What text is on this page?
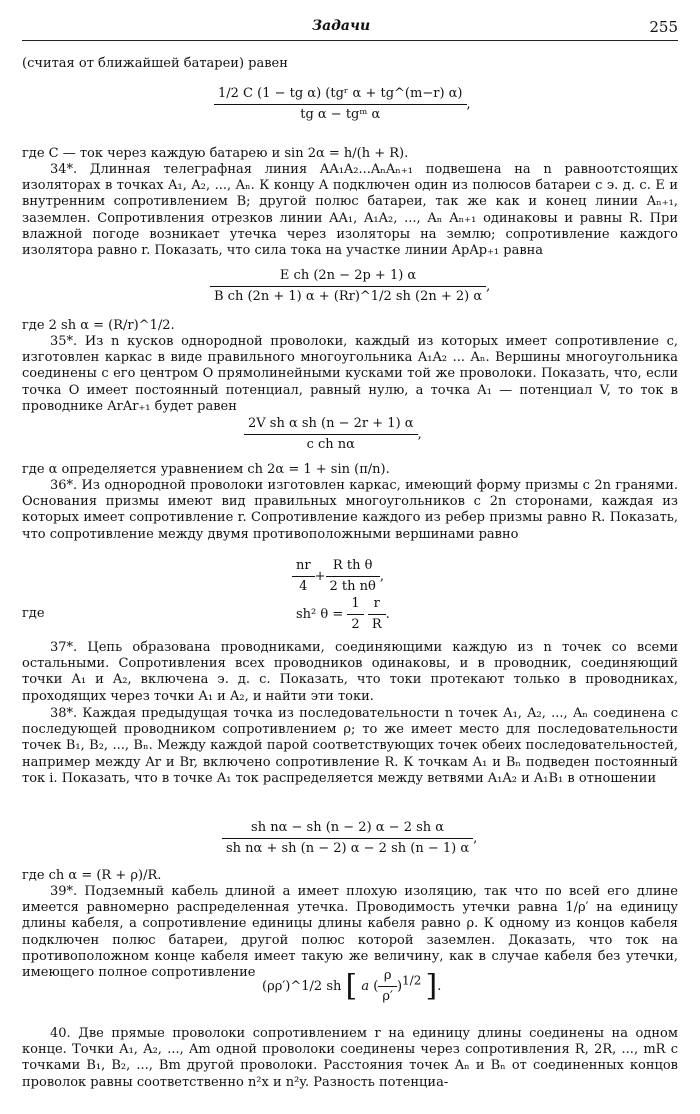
Задачи	255

(считая от ближайшей батареи) равен

$\frac{\text{1/2 C (1 − tg α) (tgʳ α + tg\textasciicircum{}(m−r) α)}}{\text{tg α − tgᵐ α}}$ ,

где C — ток через каждую батарею и sin 2α = h/(h + R).

34*. Длинная телеграфная линия AA₁A₂...AₙAₙ₊₁ подвешена на n равноотстоящих изоляторах в точках A₁, A₂, ..., Aₙ. К концу A подключен один из полюсов батареи с э. д. с. E и внутренним сопротивлением B; другой полюс батареи, так же как и конец линии Aₙ₊₁, заземлен. Сопротивления отрезков линии AA₁, A₁A₂, ..., Aₙ Aₙ₊₁ одинаковы и равны R. При влажной погоде возникает утечка через изоляторы на землю; сопротивление каждого изолятора равно r. Показать, что сила тока на участке линии ApAp₊₁ равна

$\frac{\text{E ch (2n − 2p + 1) α}}{\text{B ch (2n + 1) α + (Rr)\textasciicircum{}1/2 sh (2n + 2) α}}$ ,

где 2 sh α = (R/r)^1/2.

35*. Из n кусков однородной проволоки, каждый из которых имеет сопротивление c, изготовлен каркас в виде правильного многоугольника A₁A₂ ... Aₙ. Вершины многоугольника соединены с его центром O прямолинейными кусками той же проволоки. Показать, что, если точка O имеет постоянный потенциал, равный нулю, а точка A₁ — потенциал V, то ток в проводнике ArAr₊₁ будет равен

$\frac{\text{2V sh α sh (n − 2r + 1) α}}{\text{c ch nα}}$ ,

где α определяется уравнением ch 2α = 1 + sin (π/n).

36*. Из однородной проволоки изготовлен каркас, имеющий форму призмы с 2n гранями. Основания призмы имеют вид правильных многоугольников с 2n сторонами, каждая из которых имеет сопротивление r. Сопротивление каждого из ребер призмы равно R. Показать, что сопротивление между двумя противоположными вершинами равно

$\frac{nr}{4} + \frac{\text{R th θ}}{\text{2 th nθ}}$ ,

где	sh² $\theta = \frac{1}{2}$
$\frac{r}{R}$ .

37*. Цепь образована проводниками, соединяющими каждую из n точек со всеми остальными. Сопротивления всех проводников одинаковы, и в проводник, соединяющий точки A₁ и A₂, включена э. д. с. Показать, что токи протекают только в проводниках, проходящих через точки A₁ и A₂, и найти эти токи.

38*. Каждая предыдущая точка из последовательности n точек A₁, A₂, ..., Aₙ соединена с последующей проводником сопротивлением ρ; то же имеет место для последовательности точек B₁, B₂, ..., Bₙ. Между каждой парой соответствующих точек обеих последовательностей, например между Ar и Br, включено сопротивление R. К точкам A₁ и Bₙ подведен постоянный ток i. Показать, что в точке A₁ ток распределяется между ветвями A₁A₂ и A₁B₁ в отношении

$\frac{\text{sh nα − sh (n − 2) α − 2 sh α}}{\text{sh nα + sh (n − 2) α − 2 sh (n − 1) α}}$ ,

где ch α = (R + ρ)/R.

39*. Подземный кабель длиной a имеет плохую изоляцию, так что по всей его длине имеется равномерно распределенная утечка. Проводимость утечки равна 1/ρ′ на единицу длины кабеля, а сопротивление единицы длины кабеля равно ρ. К одному из концов кабеля подключен полюс батареи, другой полюс которой заземлен. Доказать, что ток на противоположном конце кабеля имеет такую же величину, как в случае кабеля без утечки, имеющего полное сопротивление

(ρρ′)^1/2 sh [ a ( $\frac{\rho}{\rho'} )^{1/2}$ ].

40. Две прямые проволоки сопротивлением r на единицу длины соединены на одном конце. Точки A₁, A₂, ..., Am одной проволоки соединены через сопротивления R, 2R, ..., mR с точками B₁, B₂, ..., Bm другой проволоки. Расстояния точек Aₙ и Bₙ от соединенных концов проволок равны соответственно n²x и n²y. Разность потенциа-
